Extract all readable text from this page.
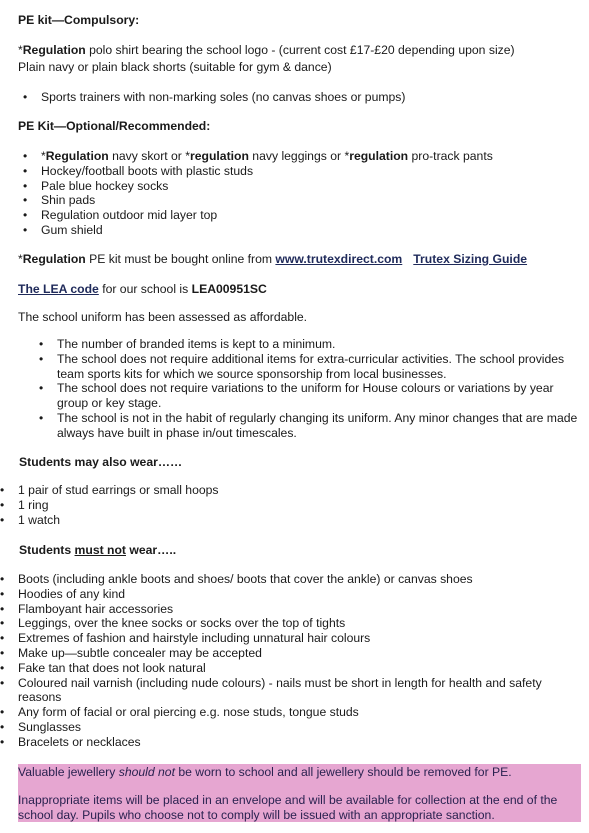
PE kit—Compulsory:
*Regulation polo shirt bearing the school logo - (current cost £17-£20 depending upon size)
Plain navy or plain black shorts (suitable for gym & dance)
• Sports trainers with non-marking soles (no canvas shoes or pumps)
PE Kit—Optional/Recommended:
• *Regulation navy skort or *regulation navy leggings or *regulation pro-track pants
• Hockey/football boots with plastic studs
• Pale blue hockey socks
• Shin pads
• Regulation outdoor mid layer top
• Gum shield
*Regulation PE kit must be bought online from www.trutexdirect.com Trutex Sizing Guide
The LEA code for our school is LEA00951SC
The school uniform has been assessed as affordable.
• The number of branded items is kept to a minimum.
• The school does not require additional items for extra-curricular activities. The school provides team sports kits for which we source sponsorship from local businesses.
• The school does not require variations to the uniform for House colours or variations by year group or key stage.
• The school is not in the habit of regularly changing its uniform. Any minor changes that are made always have built in phase in/out timescales.
Students may also wear……
• 1 pair of stud earrings or small hoops
• 1 ring
• 1 watch
Students must not wear…..
• Boots (including ankle boots and shoes/ boots that cover the ankle) or canvas shoes
• Hoodies of any kind
• Flamboyant hair accessories
• Leggings, over the knee socks or socks over the top of tights
• Extremes of fashion and hairstyle including unnatural hair colours
• Make up—subtle concealer may be accepted
• Fake tan that does not look natural
• Coloured nail varnish (including nude colours) - nails must be short in length for health and safety reasons
• Any form of facial or oral piercing e.g. nose studs, tongue studs
• Sunglasses
• Bracelets or necklaces

Valuable jewellery should not be worn to school and all jewellery should be removed for PE.

Inappropriate items will be placed in an envelope and will be available for collection at the end of the school day. Pupils who choose not to comply will be issued with an appropriate sanction.
